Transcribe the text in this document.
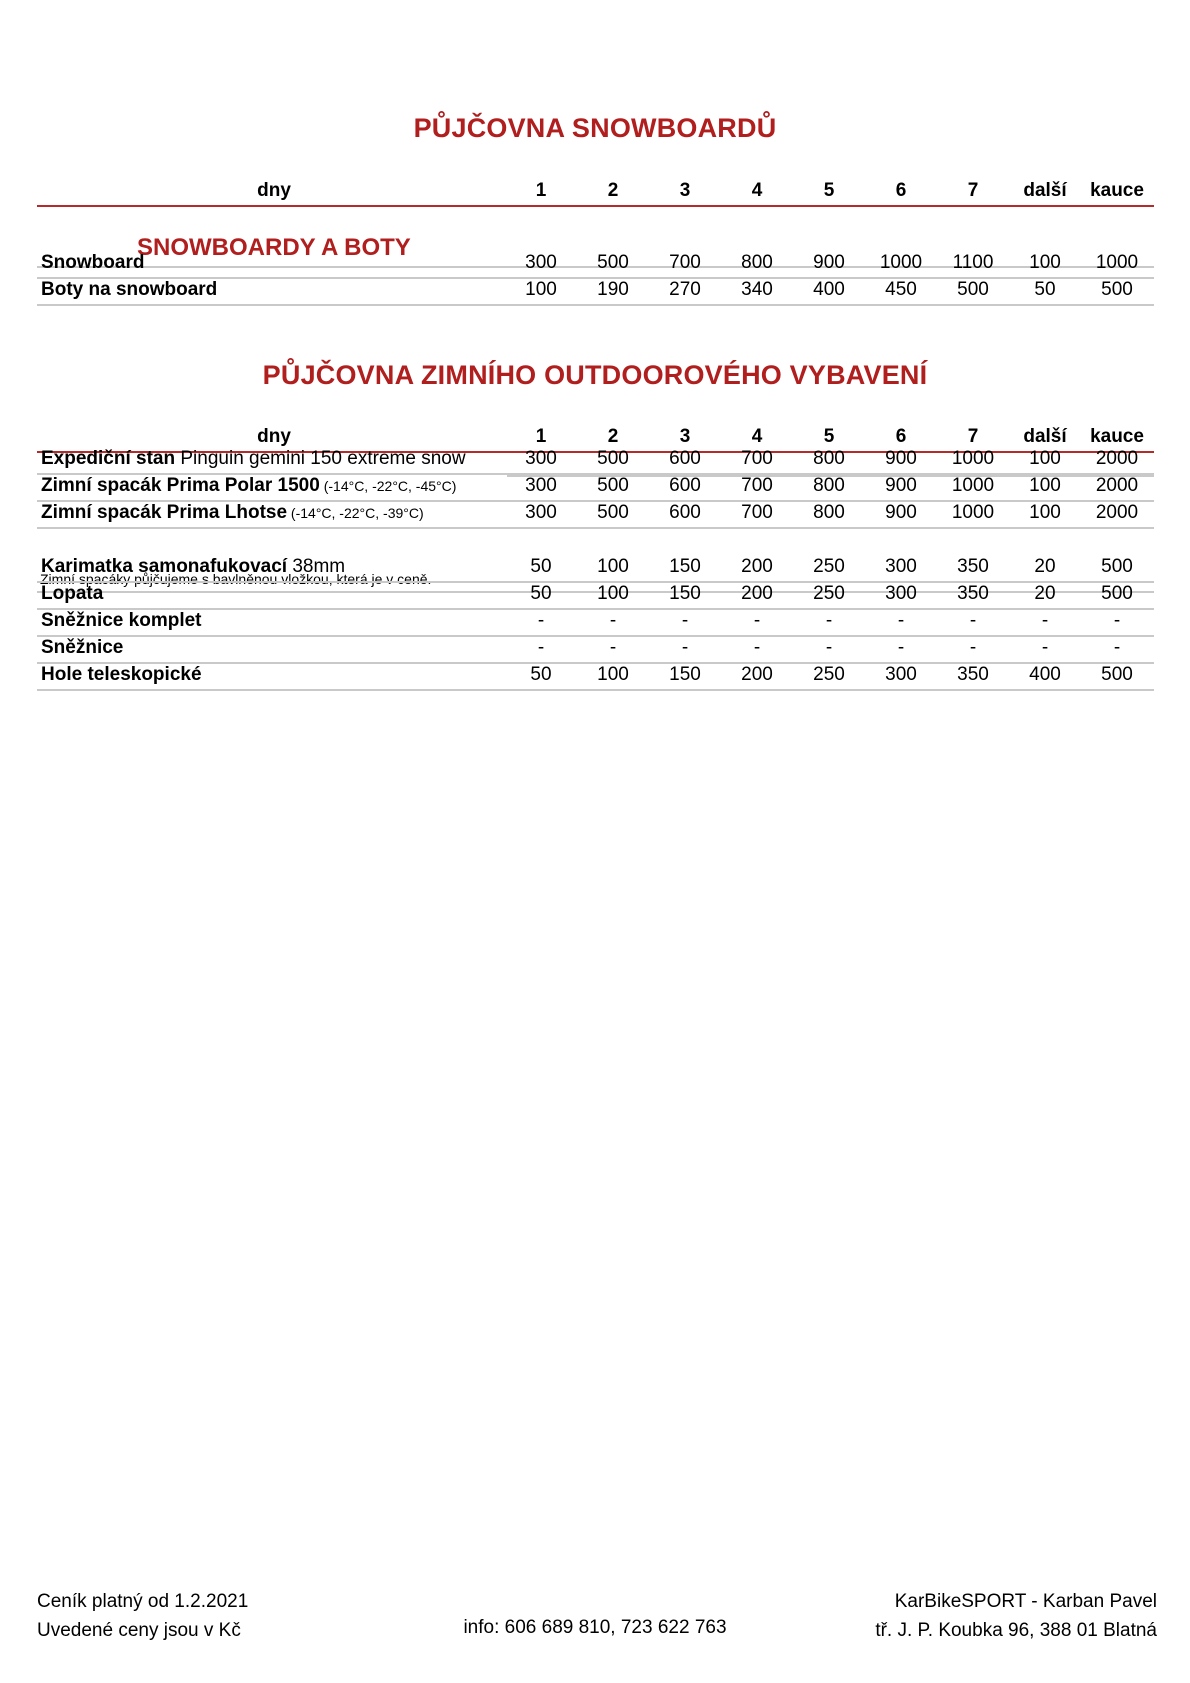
PŮJČOVNA SNOWBOARDŮ
dny	1	2	3	4	5	6	7	další	kauce
SNOWBOARDY A BOTY
Snowboard	300	500	700	800	900	1000	1100	100	1000
Boty na snowboard	100	190	270	340	400	450	500	50	500
PŮJČOVNA ZIMNÍHO OUTDOOROVÉHO VYBAVENÍ
dny	1	2	3	4	5	6	7	další	kauce
Expediční stan Pinguin gemini 150 extreme snow	300	500	600	700	800	900	1000	100	2000
Zimní spacák Prima Polar 1500 (-14°C, -22°C, -45°C)	300	500	600	700	800	900	1000	100	2000
Zimní spacák Prima Lhotse (-14°C, -22°C, -39°C)	300	500	600	700	800	900	1000	100	2000
Zimní spacáky půjčujeme s bavlněnou vložkou, která je v ceně.
Karimatka samonafukovací 38mm	50	100	150	200	250	300	350	20	500
Lopata	50	100	150	200	250	300	350	20	500
Sněžnice komplet	-	-	-	-	-	-	-	-	-
Sněžnice	-	-	-	-	-	-	-	-	-
Hole teleskopické	50	100	150	200	250	300	350	400	500
Ceník platný od 1.2.2021
Uvedené ceny jsou v Kč	info: 606 689 810, 723 622 763
KarBikeSPORT - Karban Pavel
tř. J. P. Koubka 96, 388 01 Blatná
